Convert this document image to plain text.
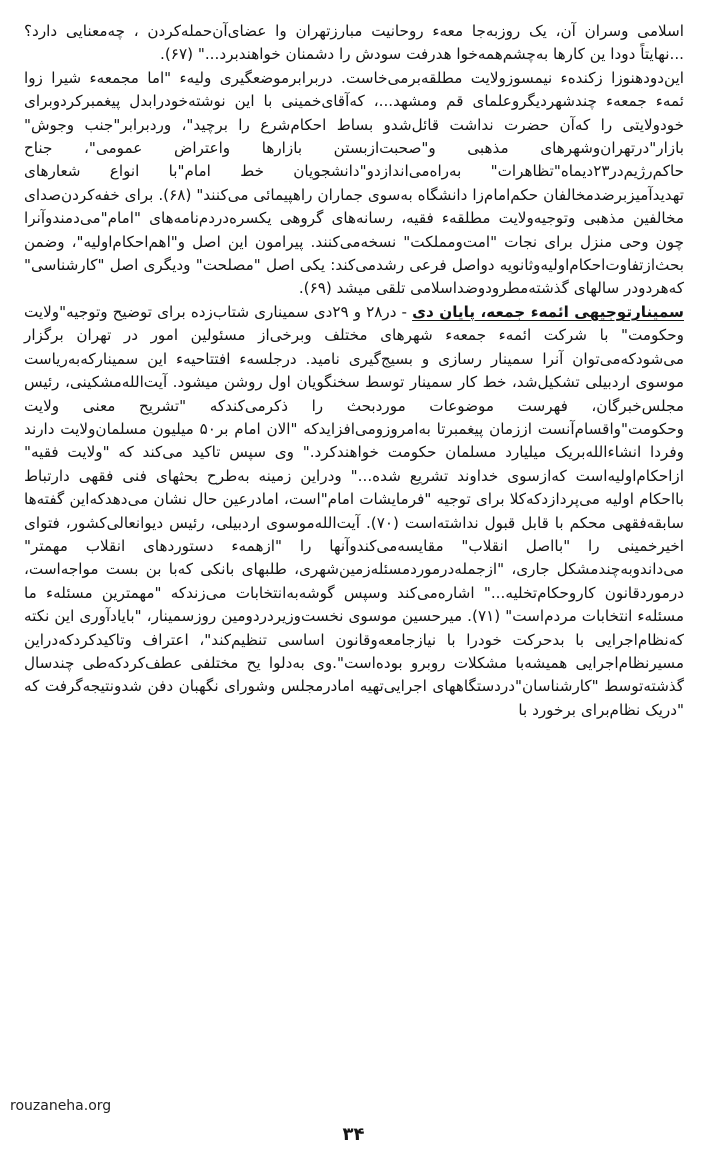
اسلامی وسران آن، یک روزبه‌جا معهء روحانیت مبارزتهران وا عضای‌آن‌حمله‌کردن ، چه‌معنایی دارد؟ ...نهایتاً دودا ین کارها به‌چشم‌همه‌خوا هدرفت سودش را دشمنان خواهندبرد..." (۶۷).

این‌دودهنوزا زکنده‌ء نیمسوزولایت مطلقه‌برمی‌خاست. دربرابرموضعگیری ولیهء "اما مجمعهء شیرا زوا ئمهء جمعهء چندشهردیگروعلمای قم ومشهد...، که‌آقای‌خمینی با این نوشته‌خودرابدل پیغمبرکردوبرای خودولایتی را که‌آن حضرت نداشت قائل‌شدو بساط احکام‌شرع را برچید"، وردبرابر"جنب وجوش" بازار"درتهران‌وشهرهای مذهبی و"صحبت‌ازبستن بازارها واعتراض عمومی"، جناح حاکم‌رژیم‌در۲۳دیماه"تظاهرات" به‌راه‌می‌اندازدو"دانشجویان خط امام"با انواع شعارهای تهدیدآمیزبرضدمخالفان حکم‌امام‌زا دانشگاه به‌سوی جماران راهپیمائی می‌کنند" (۶۸). برای خفه‌کردن‌صدای مخالفین مذهبی وتوجیه‌ولایت مطلقهء فقیه، رسانه‌های گروهی یکسره‌دردم‌نامه‌های "امام"می‌دمندوآنرا چون وحی منزل برای نجات "امت‌ومملکت" نسخه‌می‌کنند. پیرامون این اصل و"اهم‌احکام‌اولیه"، وضمن بحث‌ازتفاوت‌احکام‌اولیه‌وثانویه دواصل فرعی رشدمی‌کند: یکی اصل "مصلحت" ودیگری اصل "کارشناسی" که‌هردودر سالهای گذشته‌مطرودوضداسلامی تلقی میشد (۶۹).

سمینارتوجیهی ائمهء جمعه، پایان دی - در۲۸ و ۲۹دی سمیناری شتاب‌زده برای توضیح وتوجیه"ولایت وحکومت" با شرکت ائمهء جمعهء شهرهای مختلف وبرخی‌از مسئولین امور در تهران برگزار می‌شودکه‌می‌توان آنرا سمینار رسازی و بسیج‌گیری نامید. درجلسهء افتتاحیهء این سمینارکه‌به‌ریاست موسوی اردبیلی تشکیل‌شد، خط کار سمینار توسط سخنگویان اول روشن میشود. آیت‌الله‌مشکینی، رئیس مجلس‌خبرگان، فهرست موضوعات موردبحث را ذکرمی‌کندکه "تشریح معنی ولایت وحکومت"واقسام‌آنست اززمان پیغمبرتا به‌امروزومی‌افزایدکه "الان امام بر۵۰ میلیون مسلمان‌ولایت دارند وفردا انشاءالله‌بریک میلیارد مسلمان حکومت خواهندکرد." وی سپس تاکید می‌کند که "ولایت فقیه" ازاحکام‌اولیه‌است که‌ازسوی خداوند تشریع شده..." ودراین زمینه به‌طرح بحثهای فنی فقهی دارتباط بااحکام اولیه می‌پردازدکه‌کلا برای توجیه "فرمایشات امام"است، امادرعین حال نشان می‌دهدکه‌این گفته‌ها سابقه‌فقهی محکم با قابل قبول نداشته‌است (۷۰). آیت‌الله‌موسوی اردبیلی، رئیس دیوانعالی‌کشور، فتوای اخیرخمینی را "بااصل انقلاب" مقایسه‌می‌کندوآنها را "ازهمهء دستوردهای انقلاب مهمتر" می‌داندوبه‌چندمشکل جاری، "ازجمله‌درموردمسئله‌زمین‌شهری، طلبهای بانکی که‌با بن بست مواجه‌است، درموردقانون کاروحکام‌تخلیه..." اشاره‌می‌کند وسپس گوشه‌به‌انتخابات می‌زندکه "مهمترین مسئلهء ما مسئلهء انتخابات مردم‌است" (۷۱). میرحسین موسوی نخست‌وزیردردومین روزسمینار، "بایادآوری این نکته که‌نظام‌اجرایی با بدحرکت خودرا با نیازجامعه‌وقانون اساسی تنظیم‌کند"، اعتراف وتاکیدکردکه‌دراین مسیرنظام‌اجرایی همیشه‌با مشکلات روبرو بوده‌است".وی به‌دلوا یح مختلفی عطف‌کردکه‌طی چندسال گذشته‌توسط "کارشناسان"دردستگاههای اجرایی‌تهیه امادرمجلس وشورای نگهبان دفن شدونتیجه‌گرفت که "دریک نظام‌برای برخورد با

rouzaneha.org
۳۴
